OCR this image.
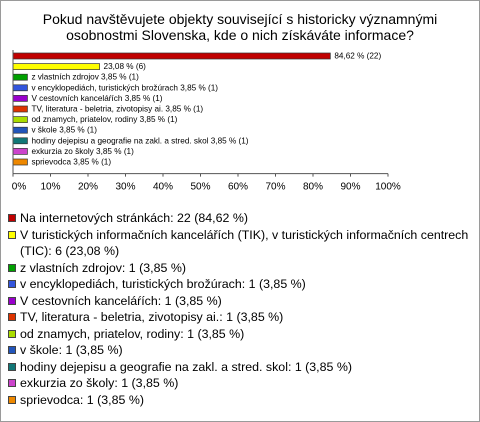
Pokud navštěvujete objekty související s historicky významnými
osobnostmi Slovenska, kde o nich získáváte informace?
84,62 % (22)
23,08 % (6)
z vlastních zdrojov 3,85 % (1)
v encyklopediách, turistických brožúrach 3,85 % (1)
V cestovních kanceláŕích 3,85 % (1)
TV, literatura - beletria, zivotopisy ai. 3,85 % (1)
od znamych, priatelov, rodiny 3,85 % (1)
v škole 3,85 % (1)
hodiny dejepisu a geografie na zakl. a stred. skol 3,85 % (1)
exkurzia zo školy 3,85 % (1)
sprievodca 3,85 % (1)
0% 10% 20% 30% 40% 50% 60% 70% 80% 90% 100%
Na internetových stránkách: 22 (84,62 %)
V turistických informačních kancelářích (TIK), v turistických informačních centrech (TIC): 6 (23,08 %)
z vlastních zdrojov: 1 (3,85 %)
v encyklopediách, turistických brožúrach: 1 (3,85 %)
V cestovních kanceláŕích: 1 (3,85 %)
TV, literatura - beletria, zivotopisy ai.: 1 (3,85 %)
od znamych, priatelov, rodiny: 1 (3,85 %)
v škole: 1 (3,85 %)
hodiny dejepisu a geografie na zakl. a stred. skol: 1 (3,85 %)
exkurzia zo školy: 1 (3,85 %)
sprievodca: 1 (3,85 %)
